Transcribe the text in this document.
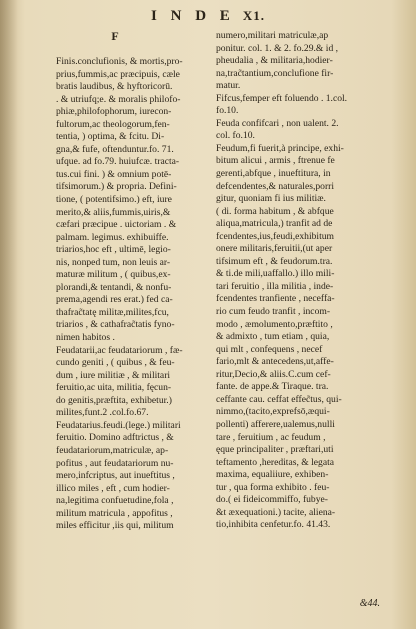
I N D E X1.
F
Finis.conclufionis, & mortis,pro-
prius,fummis,ac præcipuis, cæle
bratis laudibus, & hyftoricorū.
. & utriufq;e. & moralis philofo-
phiæ,philofophorum, iurecon-
fultorum,ac theologorum,fen-
tentia, ) optima, & fcitu. Di-
gna,& fufe, oftenduntur.fo. 71.
ufque. ad fo.79. huiufcæ. tracta-
tus.cui fini. ) & omnium potē-
tifsimorum.) & propria. Defini-
tione, ( potentifsimo.) eft, iure
merito,& aliis,fummis,uiris,&
cæfari præcipue . uictoriam . &
palmam. legimus. exhibuiffe.
triarios,hoc eft , ultimē, legio-
nis, nonped tum, non leuis ar-
maturæ militum , ( quibus,ex-
plorandi,& tentandi, & nonfu-
prema,agendi res erat.) fed ca-
thafrac̃tatę militæ,milites,fcu,
triarios , & cathafrac̃tatis fyno-
nimen habitos .
Feudatarii,ac feudatariorum , fæ-
cundo geniti , ( quibus , & feu-
dum , iure militiæ , & militari
feruitio,ac uita, militia, fęcun-
do genitis,præftita, exhibetur.)
milites,funt.2 .col.fo.67.
Feudatarius.feudi.(lege.) militari
feruitio. Domino adftrictus , &
feudatariorum,matriculæ, ap-
pofitus , aut feudatariorum nu-
mero,infcriptus, aut inueftitus ,
illico miles , eft , cum hodier-
na,legitima confuetudine,fola ,
militum matricula , appofitus ,
miles efficitur ,iis qui, militum
numero,militari matriculæ,ap
ponitur. col. 1. & 2. fo.29.& id ,
pheudalia , & militaria,hodier-
na,trac̃tantium,conclufione fir-
matur.
Fifcus,femper eft foluendo . 1.col.
fo.10.
Feuda confifcari , non ualent. 2.
col. fo.10.
Feudum,fi fuerit,à principe, exhi-
bitum alicui , armis , ftrenue fe
gerenti,abfque , inueftitura, in
defcendentes,& naturales,porri
gitur, quoniam fi ius militiæ.
( di. forma habitum , & abfque
aliqua,matricula,) tranfit ad de
fcendentes,ius,feudi,exhibitum
onere militaris,feruitii,(ut aper
tifsimum eft , & feudorum.tra.
& ti.de mili,uaffallo.) illo mili-
tari feruitio , illa militia , inde-
fcendentes tranfiente , neceffa-
rio cum feudo tranfit , incom-
modo , æmolumento,præftito ,
& admixto , tum etiam , quia,
qui mlt , confequens , necef
fario,mlt & antecedens,ut,affe-
ritur,Decio,& aliis.C.cum cef-
fante. de appe.& Tiraque. tra.
ceffante cau. ceffat effec̃tus, qui-
nimmo,(tacito,exprefsō,æqui-
pollenti) afferere,ualemus,nulli
tare , feruitium , ac feudum ,
ęque principaliter , præftari,uti
teftamento ,hereditas, & legata
maxima, equaliiure, exhiben-
tur , qua forma exhibito . feu-
do.( ei fideicommiffo, fubye-
&t æxequationi.) tacite, aliena-
tio,inhibita cenfetur.fo. 41.43.
&44.
